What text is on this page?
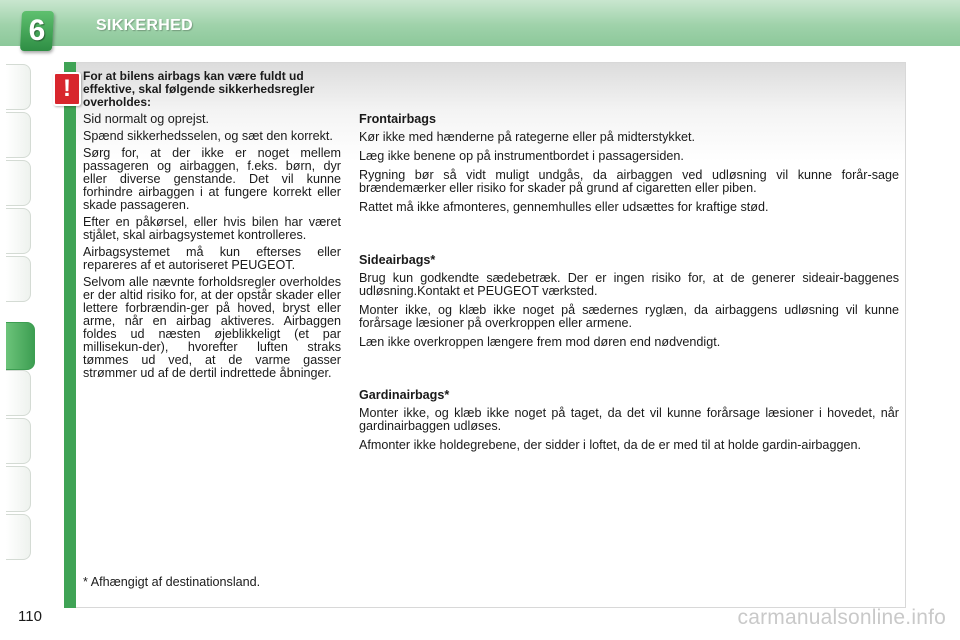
6	SIKKERHED
!	For at bilens airbags kan være fuldt ud effektive, skal følgende sikkerhedsregler overholdes:

Sid normalt og oprejst.

Spænd sikkerhedsselen, og sæt den korrekt.

Sørg for, at der ikke er noget mellem passageren og airbaggen, f.eks. børn, dyr eller diverse genstande. Det vil kunne forhindre airbaggen i at fungere korrekt eller skade passageren.

Efter en påkørsel, eller hvis bilen har været stjålet, skal airbagsystemet kontrolleres.

Airbagsystemet må kun efterses eller repareres af et autoriseret PEUGEOT.

Selvom alle nævnte forholdsregler overholdes er der altid risiko for, at der opstår skader eller lettere forbrændin-ger på hoved, bryst eller arme, når en airbag aktiveres. Airbaggen foldes ud næsten øjeblikkeligt (et par millisekun-der), hvorefter luften straks tømmes ud ved, at de varme gasser strømmer ud af de dertil indrettede åbninger.

Frontairbags

Kør ikke med hænderne på rategerne eller på midterstykket.

Læg ikke benene op på instrumentbordet i passagersiden.

Rygning bør så vidt muligt undgås, da airbaggen ved udløsning vil kunne forår-sage brændemærker eller risiko for skader på grund af cigaretten eller piben.

Rattet må ikke afmonteres, gennemhulles eller udsættes for kraftige stød.

Sideairbags*

Brug kun godkendte sædebetræk. Der er ingen risiko for, at de generer sideair-baggenes udløsning.Kontakt et PEUGEOT værksted.

Monter ikke, og klæb ikke noget på sædernes ryglæn, da airbaggens udløsning vil kunne forårsage læsioner på overkroppen eller armene.

Læn ikke overkroppen længere frem mod døren end nødvendigt.

Gardinairbags*

Monter ikke, og klæb ikke noget på taget, da det vil kunne forårsage læsioner i hovedet, når gardinairbaggen udløses.

Afmonter ikke holdegrebene, der sidder i loftet, da de er med til at holde gardin-airbaggen.

* Afhængigt af destinationsland.
110	carmanualsonline.info
